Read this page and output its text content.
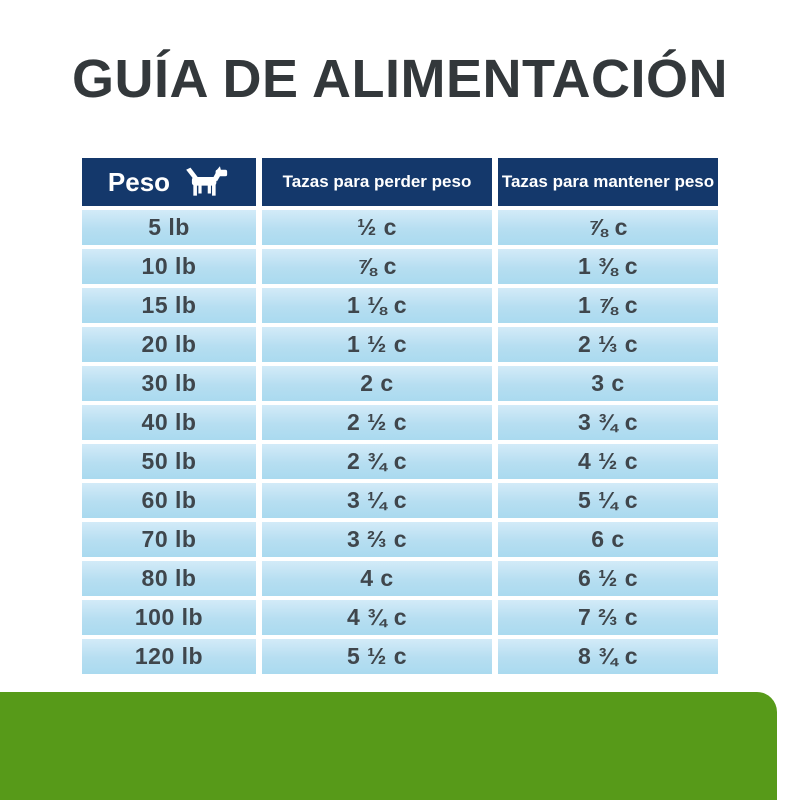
GUÍA DE ALIMENTACIÓN
Peso	Tazas para perder peso	Tazas para mantener peso
5 lb	½ c	⅞ c
10 lb	⅞ c	1 ⅜ c
15 lb	1 ⅛ c	1 ⅞ c
20 lb	1 ½ c	2 ⅓ c
30 lb	2 c	3 c
40 lb	2 ½ c	3 ¾ c
50 lb	2 ¾ c	4 ½ c
60 lb	3 ¼ c	5 ¼ c
70 lb	3 ⅔ c	6 c
80 lb	4 c	6 ½ c
100 lb	4 ¾ c	7 ⅔ c
120 lb	5 ½ c	8 ¾ c
